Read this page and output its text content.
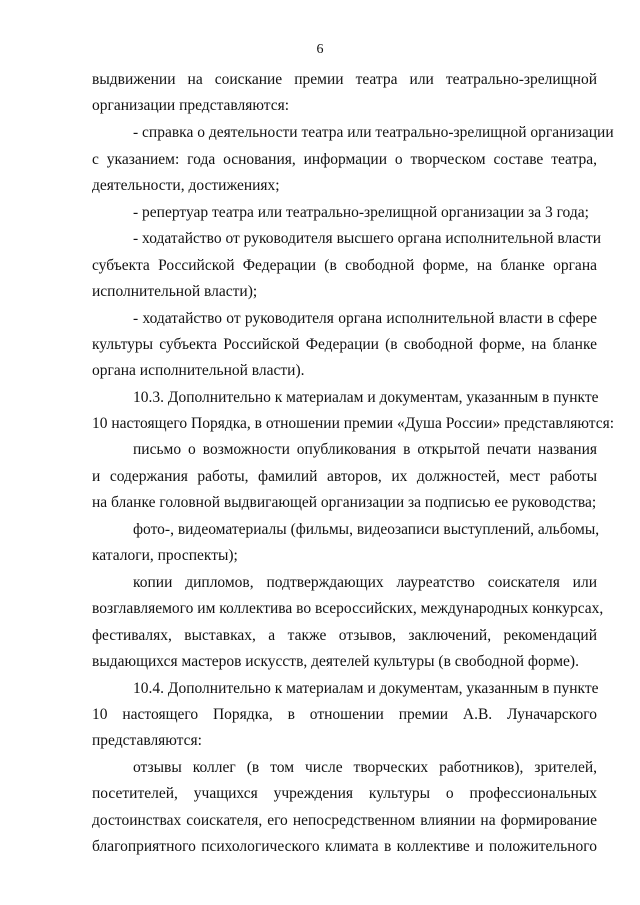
6
выдвижении на соискание премии театра или театрально-зрелищной
организации представляются:
- справка о деятельности театра или театрально-зрелищной организации
с указанием: года основания, информации о творческом составе театра,
деятельности, достижениях;
- репертуар театра или театрально-зрелищной организации за 3 года;
- ходатайство от руководителя высшего органа исполнительной власти
субъекта Российской Федерации (в свободной форме, на бланке органа
исполнительной власти);
- ходатайство от руководителя органа исполнительной власти в сфере
культуры субъекта Российской Федерации (в свободной форме, на бланке
органа исполнительной власти).
10.3. Дополнительно к материалам и документам, указанным в пункте
10 настоящего Порядка, в отношении премии «Душа России» представляются:
письмо о возможности опубликования в открытой печати названия
и содержания работы, фамилий авторов, их должностей, мест работы
на бланке головной выдвигающей организации за подписью ее руководства;
фото-, видеоматериалы (фильмы, видеозаписи выступлений, альбомы,
каталоги, проспекты);
копии дипломов, подтверждающих лауреатство соискателя или
возглавляемого им коллектива во всероссийских, международных конкурсах,
фестивалях, выставках, а также отзывов, заключений, рекомендаций
выдающихся мастеров искусств, деятелей культуры (в свободной форме).
10.4. Дополнительно к материалам и документам, указанным в пункте
10 настоящего Порядка, в отношении премии А.В. Луначарского
представляются:
отзывы коллег (в том числе творческих работников), зрителей,
посетителей, учащихся учреждения культуры о профессиональных
достоинствах соискателя, его непосредственном влиянии на формирование
благоприятного психологического климата в коллективе и положительного
